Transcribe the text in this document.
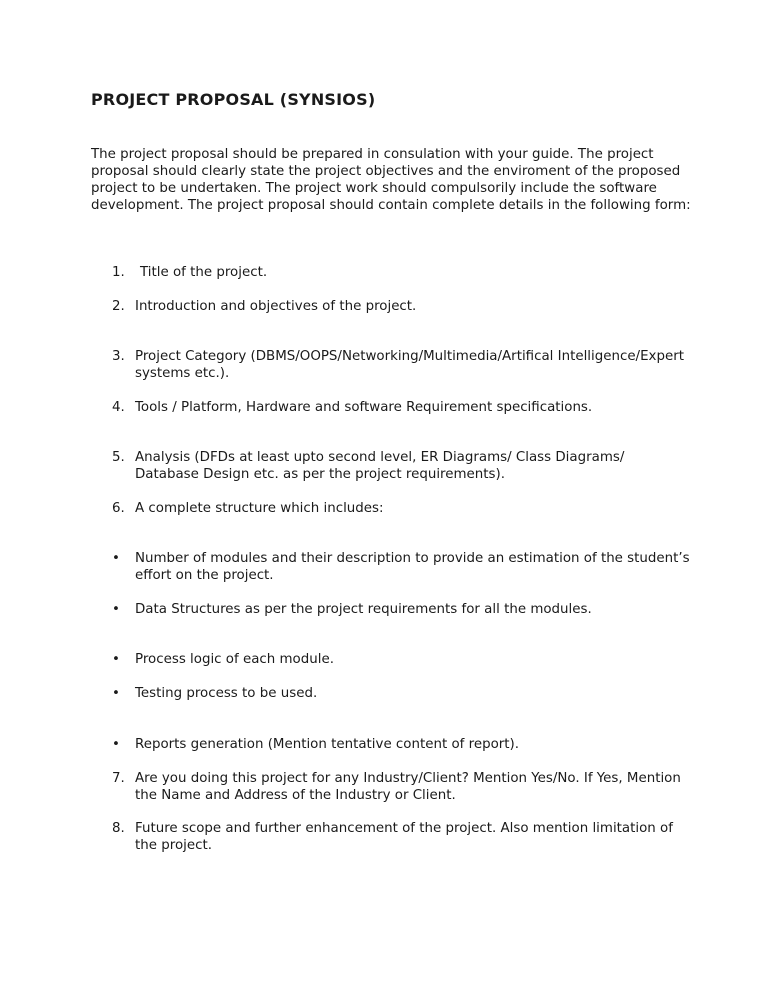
PROJECT PROPOSAL (SYNSIOS)

The project proposal should be prepared in consulation with your guide. The project proposal should clearly state the project objectives and the enviroment of the proposed project to be undertaken. The project work should compulsorily include the software development. The project proposal should contain complete details in the following form:

1.	Title of the project.
2. Introduction and objectives of the project.
3. Project Category (DBMS/OOPS/Networking/Multimedia/Artifical Intelligence/Expert systems etc.).
4. Tools / Platform, Hardware and software Requirement specifications.
5. Analysis (DFDs at least upto second level, ER Diagrams/ Class Diagrams/ Database Design etc. as per the project requirements).
6. A complete structure which includes:
•	Number of modules and their description to provide an estimation of the student’s effort on the project.
•	Data Structures as per the project requirements for all the modules.
•	Process logic of each module.
•	Testing process to be used.
•	Reports generation (Mention tentative content of report).
7. Are you doing this project for any Industry/Client? Mention Yes/No. If Yes, Mention the Name and Address of the Industry or Client.
8. Future scope and further enhancement of the project. Also mention limitation of the project.
